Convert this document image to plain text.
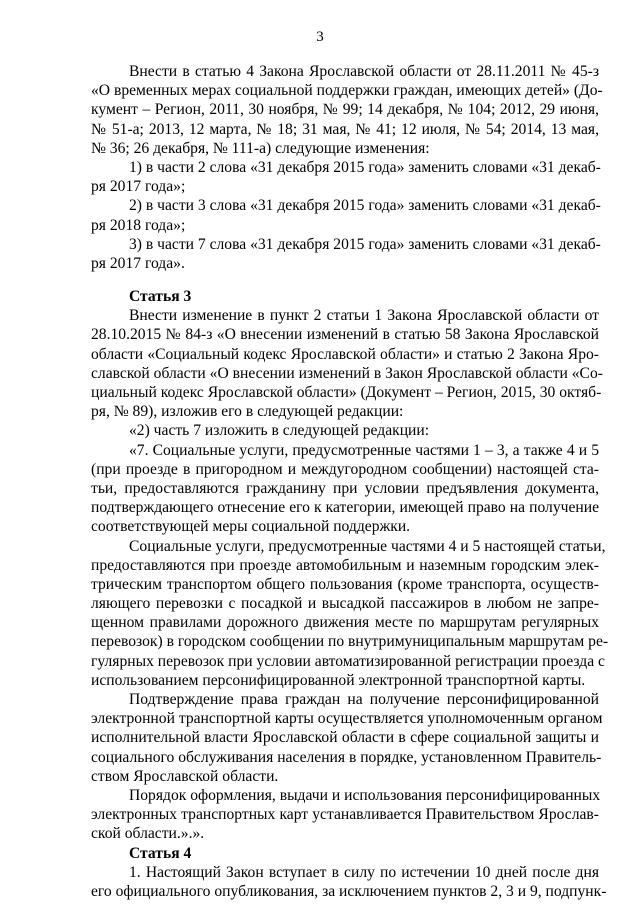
3
Внести в статью 4 Закона Ярославской области от 28.11.2011 № 45-з
«О временных мерах социальной поддержки граждан, имеющих детей» (До-
кумент – Регион, 2011, 30 ноября, № 99; 14 декабря, № 104; 2012, 29 июня,
№ 51-а; 2013, 12 марта, № 18; 31 мая, № 41; 12 июля, № 54; 2014, 13 мая,
№ 36; 26 декабря, № 111-а) следующие изменения:
1) в части 2 слова «31 декабря 2015 года» заменить словами «31 декаб-
ря 2017 года»;
2) в части 3 слова «31 декабря 2015 года» заменить словами «31 декаб-
ря 2018 года»;
3) в части 7 слова «31 декабря 2015 года» заменить словами «31 декаб-
ря 2017 года».
Статья 3
Внести изменение в пункт 2 статьи 1 Закона Ярославской области от
28.10.2015 № 84-з «О внесении изменений в статью 58 Закона Ярославской
области «Социальный кодекс Ярославской области» и статью 2 Закона Яро-
славской области «О внесении изменений в Закон Ярославской области «Со-
циальный кодекс Ярославской области» (Документ – Регион, 2015, 30 октяб-
ря, № 89), изложив его в следующей редакции:
«2) часть 7 изложить в следующей редакции:
«7. Социальные услуги, предусмотренные частями 1 – 3, а также 4 и 5
(при проезде в пригородном и междугородном сообщении) настоящей ста-
тьи, предоставляются гражданину при условии предъявления документа,
подтверждающего отнесение его к категории, имеющей право на получение
соответствующей меры социальной поддержки.
Социальные услуги, предусмотренные частями 4 и 5 настоящей статьи,
предоставляются при проезде автомобильным и наземным городским элек-
трическим транспортом общего пользования (кроме транспорта, осуществ-
ляющего перевозки с посадкой и высадкой пассажиров в любом не запре-
щенном правилами дорожного движения месте по маршрутам регулярных
перевозок) в городском сообщении по внутримуниципальным маршрутам ре-
гулярных перевозок при условии автоматизированной регистрации проезда с
использованием персонифицированной электронной транспортной карты.
Подтверждение права граждан на получение персонифицированной
электронной транспортной карты осуществляется уполномоченным органом
исполнительной власти Ярославской области в сфере социальной защиты и
социального обслуживания населения в порядке, установленном Правитель-
ством Ярославской области.
Порядок оформления, выдачи и использования персонифицированных
электронных транспортных карт устанавливается Правительством Ярослав-
ской области.».».
Статья 4
1. Настоящий Закон вступает в силу по истечении 10 дней после дня
его официального опубликования, за исключением пунктов 2, 3 и 9, подпунк-
